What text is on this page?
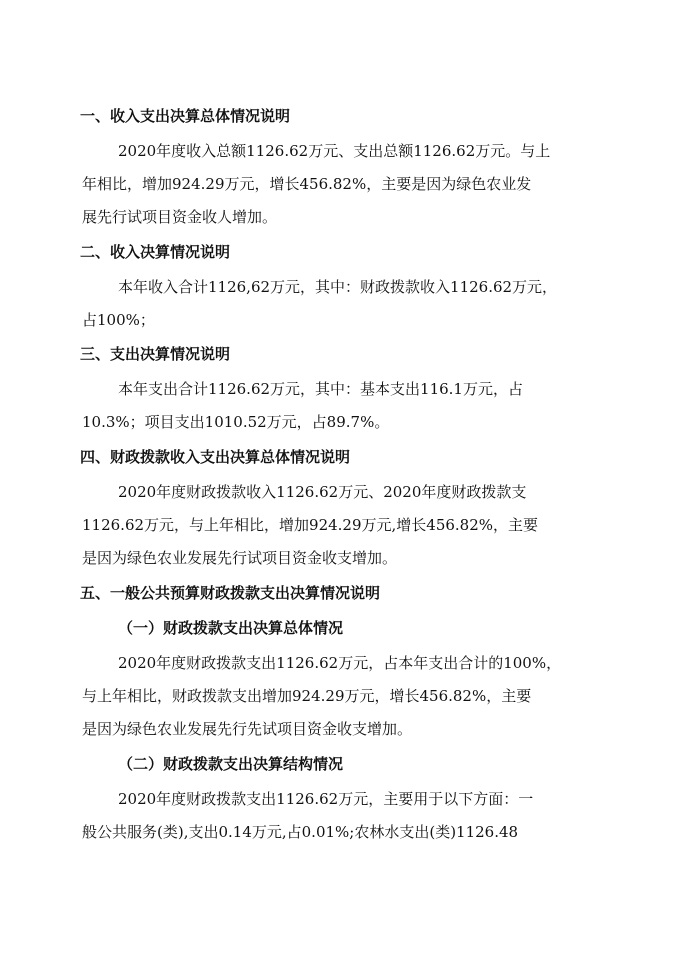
一、收入支出决算总体情况说明
2020年度收入总额1126.62万元、支出总额1126.62万元。与上
年相比，增加924.29万元，增长456.82%，主要是因为绿色农业发
展先行试项目资金收人增加。
二、收入决算情况说明
本年收入合计1126,62万元，其中：财政拨款收入1126.62万元，
占100%；
三、支出决算情况说明
本年支出合计1126.62万元，其中：基本支出116.1万元，占
10.3%；项目支出1010.52万元，占89.7%。
四、财政拨款收入支出决算总体情况说明
2020年度财政拨款收入1126.62万元、2020年度财政拨款支
1126.62万元，与上年相比，增加924.29万元,增长456.82%，主要
是因为绿色农业发展先行试项目资金收支增加。
五、一般公共预算财政拨款支出决算情况说明
（一）财政拨款支出决算总体情况
2020年度财政拨款支出1126.62万元，占本年支出合计的100%，
与上年相比，财政拨款支出增加924.29万元，增长456.82%，主要
是因为绿色农业发展先行先试项目资金收支增加。
（二）财政拨款支出决算结构情况
2020年度财政拨款支出1126.62万元，主要用于以下方面：一
般公共服务(类),支出0.14万元,占0.01%;农林水支出(类)1126.48
